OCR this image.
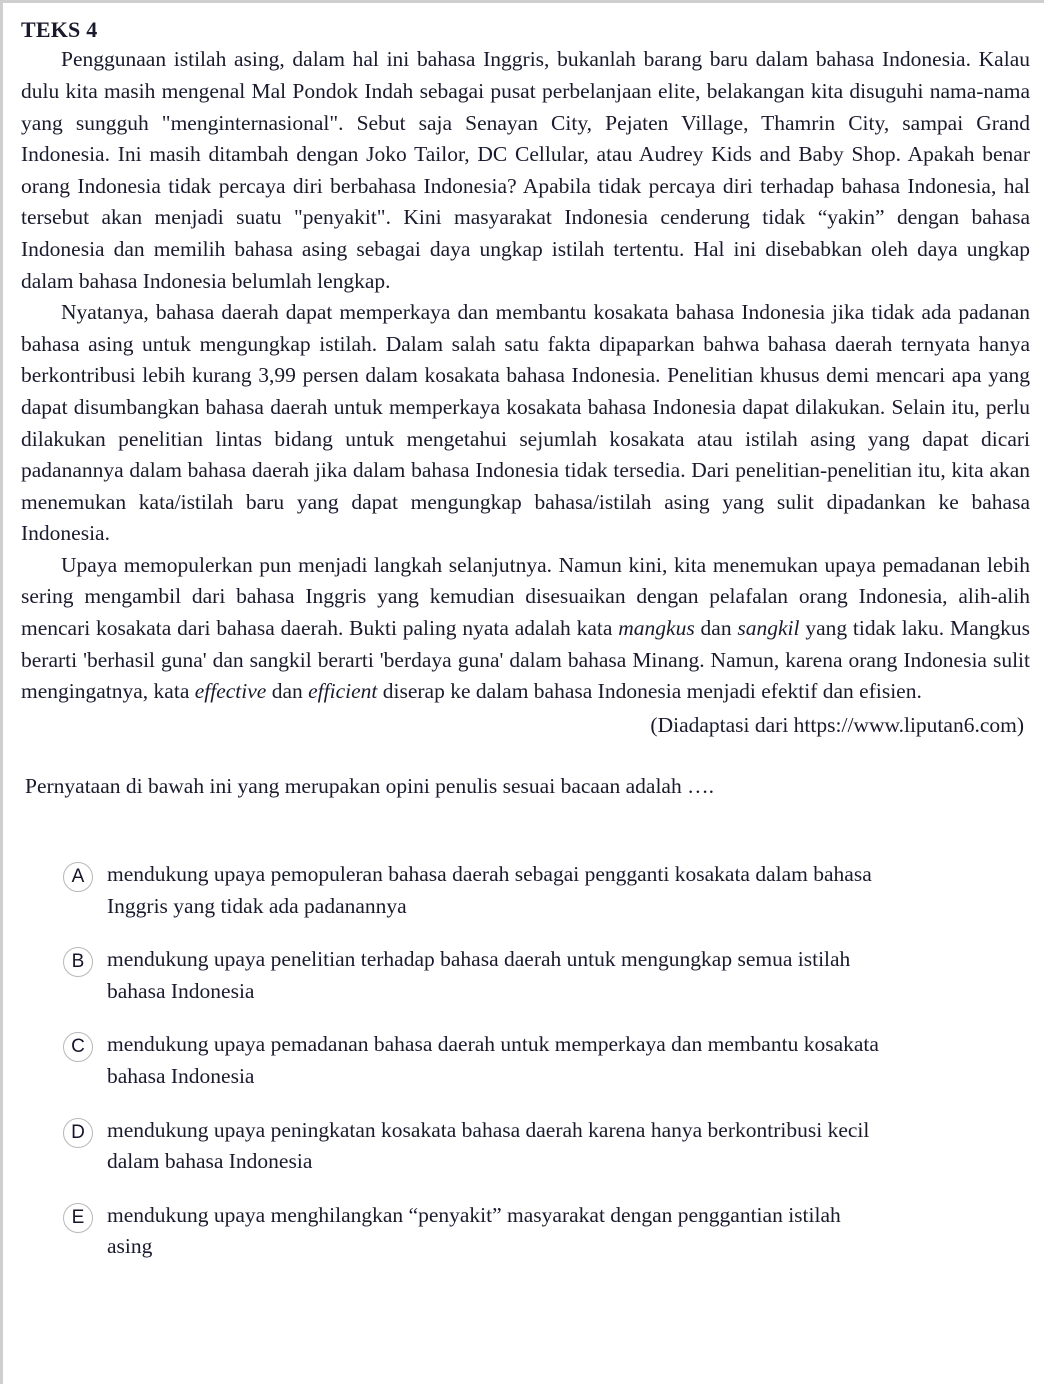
TEKS 4

Penggunaan istilah asing, dalam hal ini bahasa Inggris, bukanlah barang baru dalam bahasa Indonesia. Kalau dulu kita masih mengenal Mal Pondok Indah sebagai pusat perbelanjaan elite, belakangan kita disuguhi nama-nama yang sungguh "menginternasional". Sebut saja Senayan City, Pejaten Village, Thamrin City, sampai Grand Indonesia. Ini masih ditambah dengan Joko Tailor, DC Cellular, atau Audrey Kids and Baby Shop. Apakah benar orang Indonesia tidak percaya diri berbahasa Indonesia? Apabila tidak percaya diri terhadap bahasa Indonesia, hal tersebut akan menjadi suatu "penyakit". Kini masyarakat Indonesia cenderung tidak “yakin” dengan bahasa Indonesia dan memilih bahasa asing sebagai daya ungkap istilah tertentu. Hal ini disebabkan oleh daya ungkap dalam bahasa Indonesia belumlah lengkap.

Nyatanya, bahasa daerah dapat memperkaya dan membantu kosakata bahasa Indonesia jika tidak ada padanan bahasa asing untuk mengungkap istilah. Dalam salah satu fakta dipaparkan bahwa bahasa daerah ternyata hanya berkontribusi lebih kurang 3,99 persen dalam kosakata bahasa Indonesia. Penelitian khusus demi mencari apa yang dapat disumbangkan bahasa daerah untuk memperkaya kosakata bahasa Indonesia dapat dilakukan. Selain itu, perlu dilakukan penelitian lintas bidang untuk mengetahui sejumlah kosakata atau istilah asing yang dapat dicari padanannya dalam bahasa daerah jika dalam bahasa Indonesia tidak tersedia. Dari penelitian-penelitian itu, kita akan menemukan kata/istilah baru yang dapat mengungkap bahasa/istilah asing yang sulit dipadankan ke bahasa Indonesia.

Upaya memopulerkan pun menjadi langkah selanjutnya. Namun kini, kita menemukan upaya pemadanan lebih sering mengambil dari bahasa Inggris yang kemudian disesuaikan dengan pelafalan orang Indonesia, alih-alih mencari kosakata dari bahasa daerah. Bukti paling nyata adalah kata mangkus dan sangkil yang tidak laku. Mangkus berarti 'berhasil guna' dan sangkil berarti 'berdaya guna' dalam bahasa Minang. Namun, karena orang Indonesia sulit mengingatnya, kata effective dan efficient diserap ke dalam bahasa Indonesia menjadi efektif dan efisien.

(Diadaptasi dari https://www.liputan6.com)
Pernyataan di bawah ini yang merupakan opini penulis sesuai bacaan adalah ….
A	mendukung upaya pemopuleran bahasa daerah sebagai pengganti kosakata dalam bahasa
Inggris yang tidak ada padanannya
B	mendukung upaya penelitian terhadap bahasa daerah untuk mengungkap semua istilah
bahasa Indonesia
C	mendukung upaya pemadanan bahasa daerah untuk memperkaya dan membantu kosakata
bahasa Indonesia
D	mendukung upaya peningkatan kosakata bahasa daerah karena hanya berkontribusi kecil
dalam bahasa Indonesia
E	mendukung upaya menghilangkan “penyakit” masyarakat dengan penggantian istilah
asing
